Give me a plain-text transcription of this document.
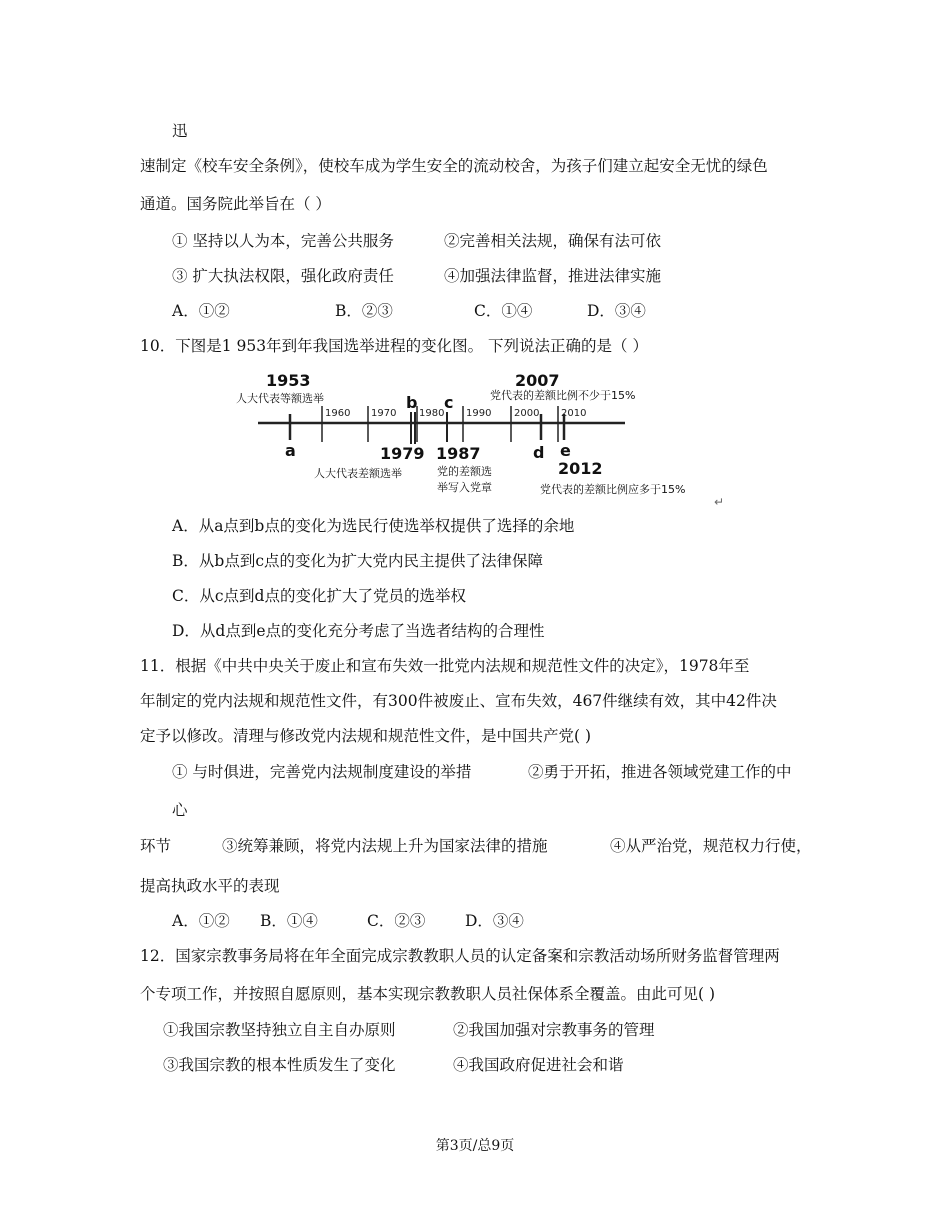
迅
速制定《校车安全条例》，使校车成为学生安全的流动校舍，为孩子们建立起安全无忧的绿色
通道。国务院此举旨在（ ）
① 坚持以人为本，完善公共服务	②完善相关法规，确保有法可依
③ 扩大执法权限，强化政府责任	④加强法律监督，推进法律实施
A．①②	B．②③	C．①④	D．③④
10．下图是1 953年到年我国选举进程的变化图。 下列说法正确的是（ ）
1960 1970 1980 1990 2000 2010
1953
人大代表等额选举	b c
2007
党代表的差额比例不少于15%
a	1979
人大代表差额选举
1987
党的差额选
举写入党章
d e
2012
党代表的差额比例应多于15%
↵
A．从a点到b点的变化为选民行使选举权提供了选择的余地
B．从b点到c点的变化为扩大党内民主提供了法律保障
C．从c点到d点的变化扩大了党员的选举权
D．从d点到e点的变化充分考虑了当选者结构的合理性
11．根据《中共中央关于废止和宣布失效一批党内法规和规范性文件的决定》，1978年至
年制定的党内法规和规范性文件，有300件被废止、宣布失效，467件继续有效，其中42件决
定予以修改。清理与修改党内法规和规范性文件，是中国共产党( )
① 与时俱进，完善党内法规制度建设的举措	②勇于开拓，推进各领域党建工作的中
心
环节	③统筹兼顾，将党内法规上升为国家法律的措施	④从严治党，规范权力行使，
提高执政水平的表现
A．①② B．①④	C．②③	D．③④
12．国家宗教事务局将在年全面完成宗教教职人员的认定备案和宗教活动场所财务监督管理两
个专项工作，并按照自愿原则，基本实现宗教教职人员社保体系全覆盖。由此可见( )
①我国宗教坚持独立自主自办原则	②我国加强对宗教事务的管理
③我国宗教的根本性质发生了变化	④我国政府促进社会和谐
第3页/总9页
